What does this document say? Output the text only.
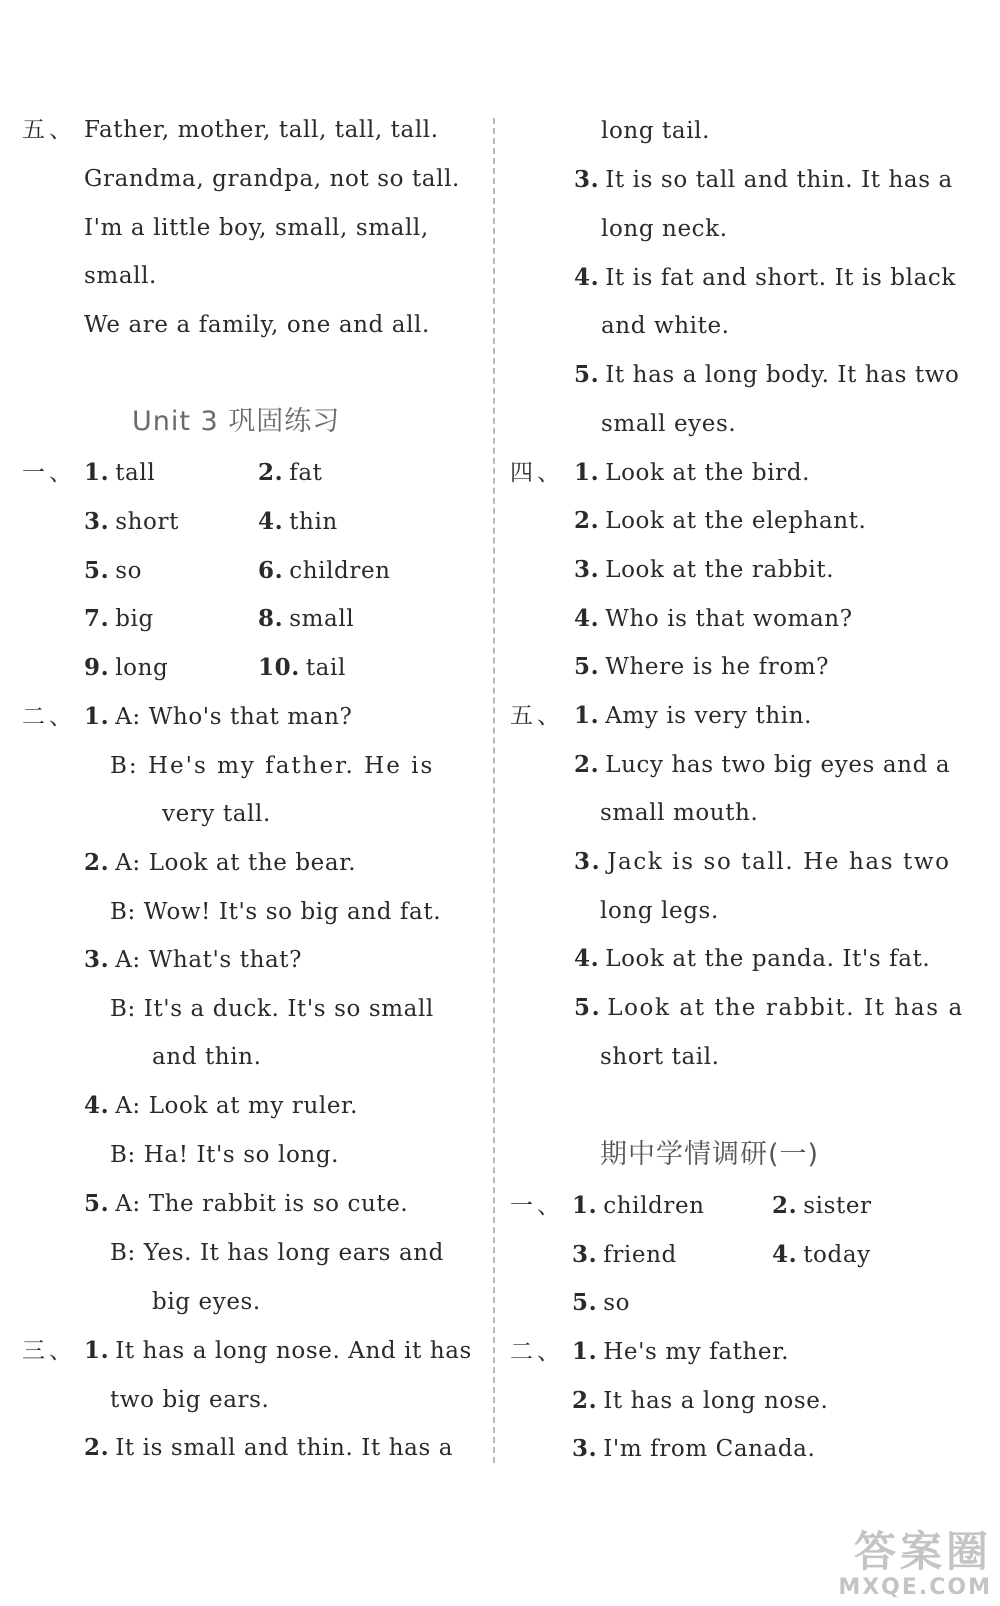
五、 Father, mother, tall, tall, tall.
Grandma, grandpa, not so tall.
I'm a little boy, small, small,
small.
We are a family, one and all.
Unit 3 巩固练习
一、 1. tall	2. fat
3. short	4. thin
5. so	6. children
7. big	8. small
9. long	10. tail
二、 1. A: Who's that man?
B: He's my father. He is
very tall.
2. A: Look at the bear.
B: Wow! It's so big and fat.
3. A: What's that?
B: It's a duck. It's so small
and thin.
4. A: Look at my ruler.
B: Ha! It's so long.
5. A: The rabbit is so cute.
B: Yes. It has long ears and
big eyes.
三、 1. It has a long nose. And it has
two big ears.
2. It is small and thin. It has a
long tail.
3. It is so tall and thin. It has a
long neck.
4. It is fat and short. It is black
and white.
5. It has a long body. It has two
small eyes.
四、 1. Look at the bird.
2. Look at the elephant.
3. Look at the rabbit.
4. Who is that woman?
5. Where is he from?
五、 1. Amy is very thin.
2. Lucy has two big eyes and a
small mouth.
3. Jack is so tall. He has two
long legs.
4. Look at the panda. It's fat.
5. Look at the rabbit. It has a
short tail.
期中学情调研(一)
一、 1. children	2. sister
3. friend	4. today
5. so
二、 1. He's my father.
2. It has a long nose.
3. I'm from Canada.
答案圈
MXQE.COM
